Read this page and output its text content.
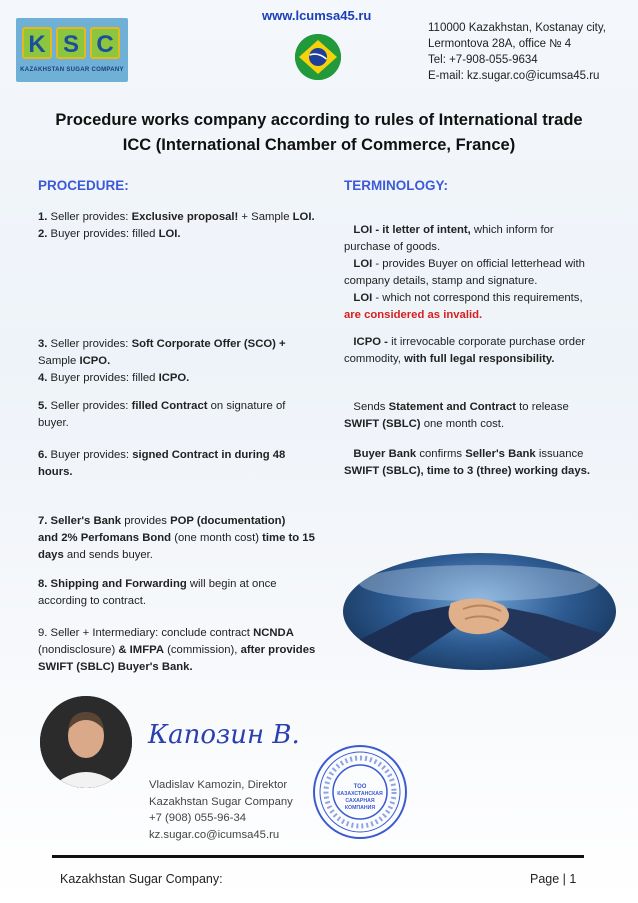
K S C
KAZAKHSTAN SUGAR COMPANY
www.lcumsa45.ru
110000 Kazakhstan, Kostanay city,
Lermontova 28A, office № 4
Tel: +7-908-055-9634
E-mail: kz.sugar.co@icumsa45.ru
Procedure works company according to rules of International trade
ICC (International Chamber of Commerce, France)
PROCEDURE:
1. Seller provides: Exclusive proposal! + Sample LOI.
2. Buyer provides: filled LOI.
3. Seller provides: Soft Corporate Offer (SCO) +
Sample ICPO.
4. Buyer provides: filled ICPO.
5. Seller provides: filled Contract on signature of
buyer.
6. Buyer provides: signed Contract in during 48
hours.
7. Seller's Bank provides POP (documentation)
and 2% Perfomans Bond (one month cost) time to 15
days and sends buyer.
8. Shipping and Forwarding will begin at once
according to contract.
9. Seller + Intermediary: conclude contract NCNDA
(nondisclosure) & IMFPA (commission), after provides
SWIFT (SBLC) Buyer's Bank.
TERMINOLOGY:
LOI - it letter of intent, which inform for
purchase of goods.
LOI - provides Buyer on official letterhead with
company details, stamp and signature.
LOI - which not correspond this requirements,
are considered as invalid.
ICPO - it irrevocable corporate purchase order
commodity, with full legal responsibility.
Sends Statement and Contract to release
SWIFT (SBLC) one month cost.
Buyer Bank confirms Seller's Bank issuance
SWIFT (SBLC), time to 3 (three) working days.
Капозин В.
Vladislav Kamozin, Direktor
Kazakhstan Sugar Company
+7 (908) 055-96-34
kz.sugar.co@icumsa45.ru
ТОО
КАЗАХСТАНСКАЯ
САХАРНАЯ
КОМПАНИЯ
Kazakhstan Sugar Company:	Page | 1
